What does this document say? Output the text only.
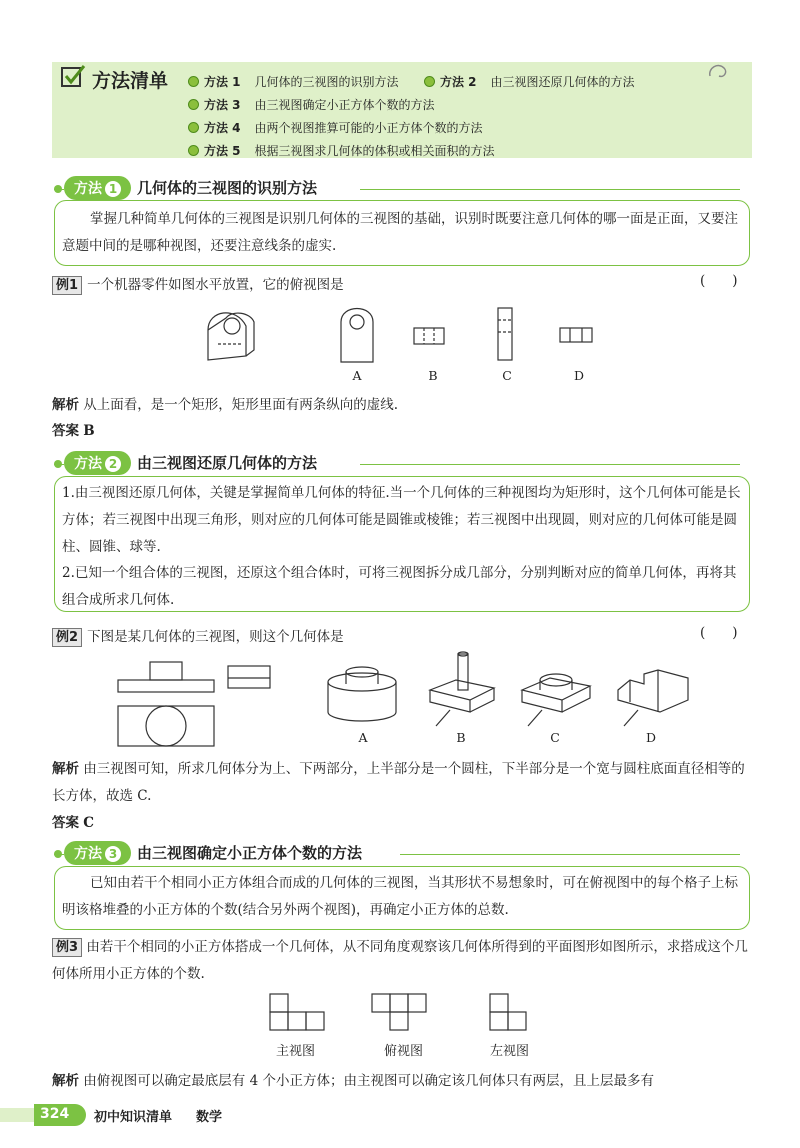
方法清单	方法 1 几何体的三视图的识别方法	方法 2 由三视图还原几何体的方法
方法 3 由三视图确定小正方体个数的方法
方法 4 由两个视图推算可能的小正方体个数的方法
方法 5 根据三视图求几何体的体积或相关面积的方法
方法 1 几何体的三视图的识别方法
掌握几种简单几何体的三视图是识别几何体的三视图的基础，识别时既要注意几何体的哪一面是正面，又要注意题中间的是哪种视图，还要注意线条的虚实.
例1 一个机器零件如图水平放置，它的俯视图是	(  )
A	B	C	D
解析 从上面看，是一个矩形，矩形里面有两条纵向的虚线.
答案 B
方法 2 由三视图还原几何体的方法
1.由三视图还原几何体，关键是掌握简单几何体的特征.当一个几何体的三种视图均为矩形时，这个几何体可能是长方体；若三视图中出现三角形，则对应的几何体可能是圆锥或棱锥；若三视图中出现圆，则对应的几何体可能是圆柱、圆锥、球等.
2.已知一个组合体的三视图，还原这个组合体时，可将三视图拆分成几部分，分别判断对应的简单几何体，再将其组合成所求几何体.
例2 下图是某几何体的三视图，则这个几何体是	(  )
A	B	C	D
解析 由三视图可知，所求几何体分为上、下两部分，上半部分是一个圆柱，下半部分是一个宽与圆柱底面直径相等的长方体，故选 C.
答案 C
方法 3 由三视图确定小正方体个数的方法
已知由若干个相同小正方体组合而成的几何体的三视图，当其形状不易想象时，可在俯视图中的每个格子上标明该格堆叠的小正方体的个数(结合另外两个视图)，再确定小正方体的总数.
例3 由若干个相同的小正方体搭成一个几何体，从不同角度观察该几何体所得到的平面图形如图所示，求搭成这个几何体所用小正方体的个数.
主视图	俯视图	左视图
解析 由俯视图可以确定最底层有 4 个小正方体；由主视图可以确定该几何体只有两层，且上层最多有
324 初中知识清单 数学
